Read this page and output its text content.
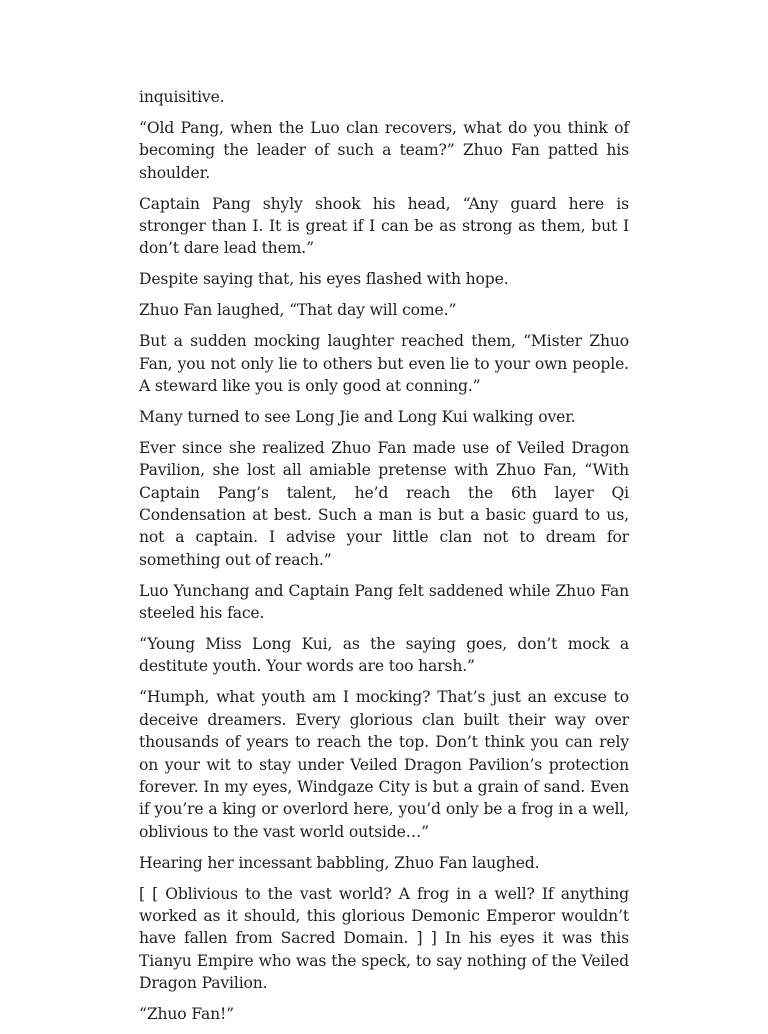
inquisitive.

“Old Pang, when the Luo clan recovers, what do you think of becoming the leader of such a team?” Zhuo Fan patted his shoulder.

Captain Pang shyly shook his head, “Any guard here is stronger than I. It is great if I can be as strong as them, but I don’t dare lead them.”

Despite saying that, his eyes flashed with hope.

Zhuo Fan laughed, “That day will come.”

But a sudden mocking laughter reached them, “Mister Zhuo Fan, you not only lie to others but even lie to your own people. A steward like you is only good at conning.”

Many turned to see Long Jie and Long Kui walking over.

Ever since she realized Zhuo Fan made use of Veiled Dragon Pavilion, she lost all amiable pretense with Zhuo Fan, “With Captain Pang’s talent, he’d reach the 6th layer Qi Condensation at best. Such a man is but a basic guard to us, not a captain. I advise your little clan not to dream for something out of reach.”

Luo Yunchang and Captain Pang felt saddened while Zhuo Fan steeled his face.

“Young Miss Long Kui, as the saying goes, don’t mock a destitute youth. Your words are too harsh.”

“Humph, what youth am I mocking? That’s just an excuse to deceive dreamers. Every glorious clan built their way over thousands of years to reach the top. Don’t think you can rely on your wit to stay under Veiled Dragon Pavilion’s protection forever. In my eyes, Windgaze City is but a grain of sand. Even if you’re a king or overlord here, you’d only be a frog in a well, oblivious to the vast world outside…”

Hearing her incessant babbling, Zhuo Fan laughed.

[ [ Oblivious to the vast world? A frog in a well? If anything worked as it should, this glorious Demonic Emperor wouldn’t have fallen from Sacred Domain. ] ] In his eyes it was this Tianyu Empire who was the speck, to say nothing of the Veiled Dragon Pavilion.

“Zhuo Fan!”
